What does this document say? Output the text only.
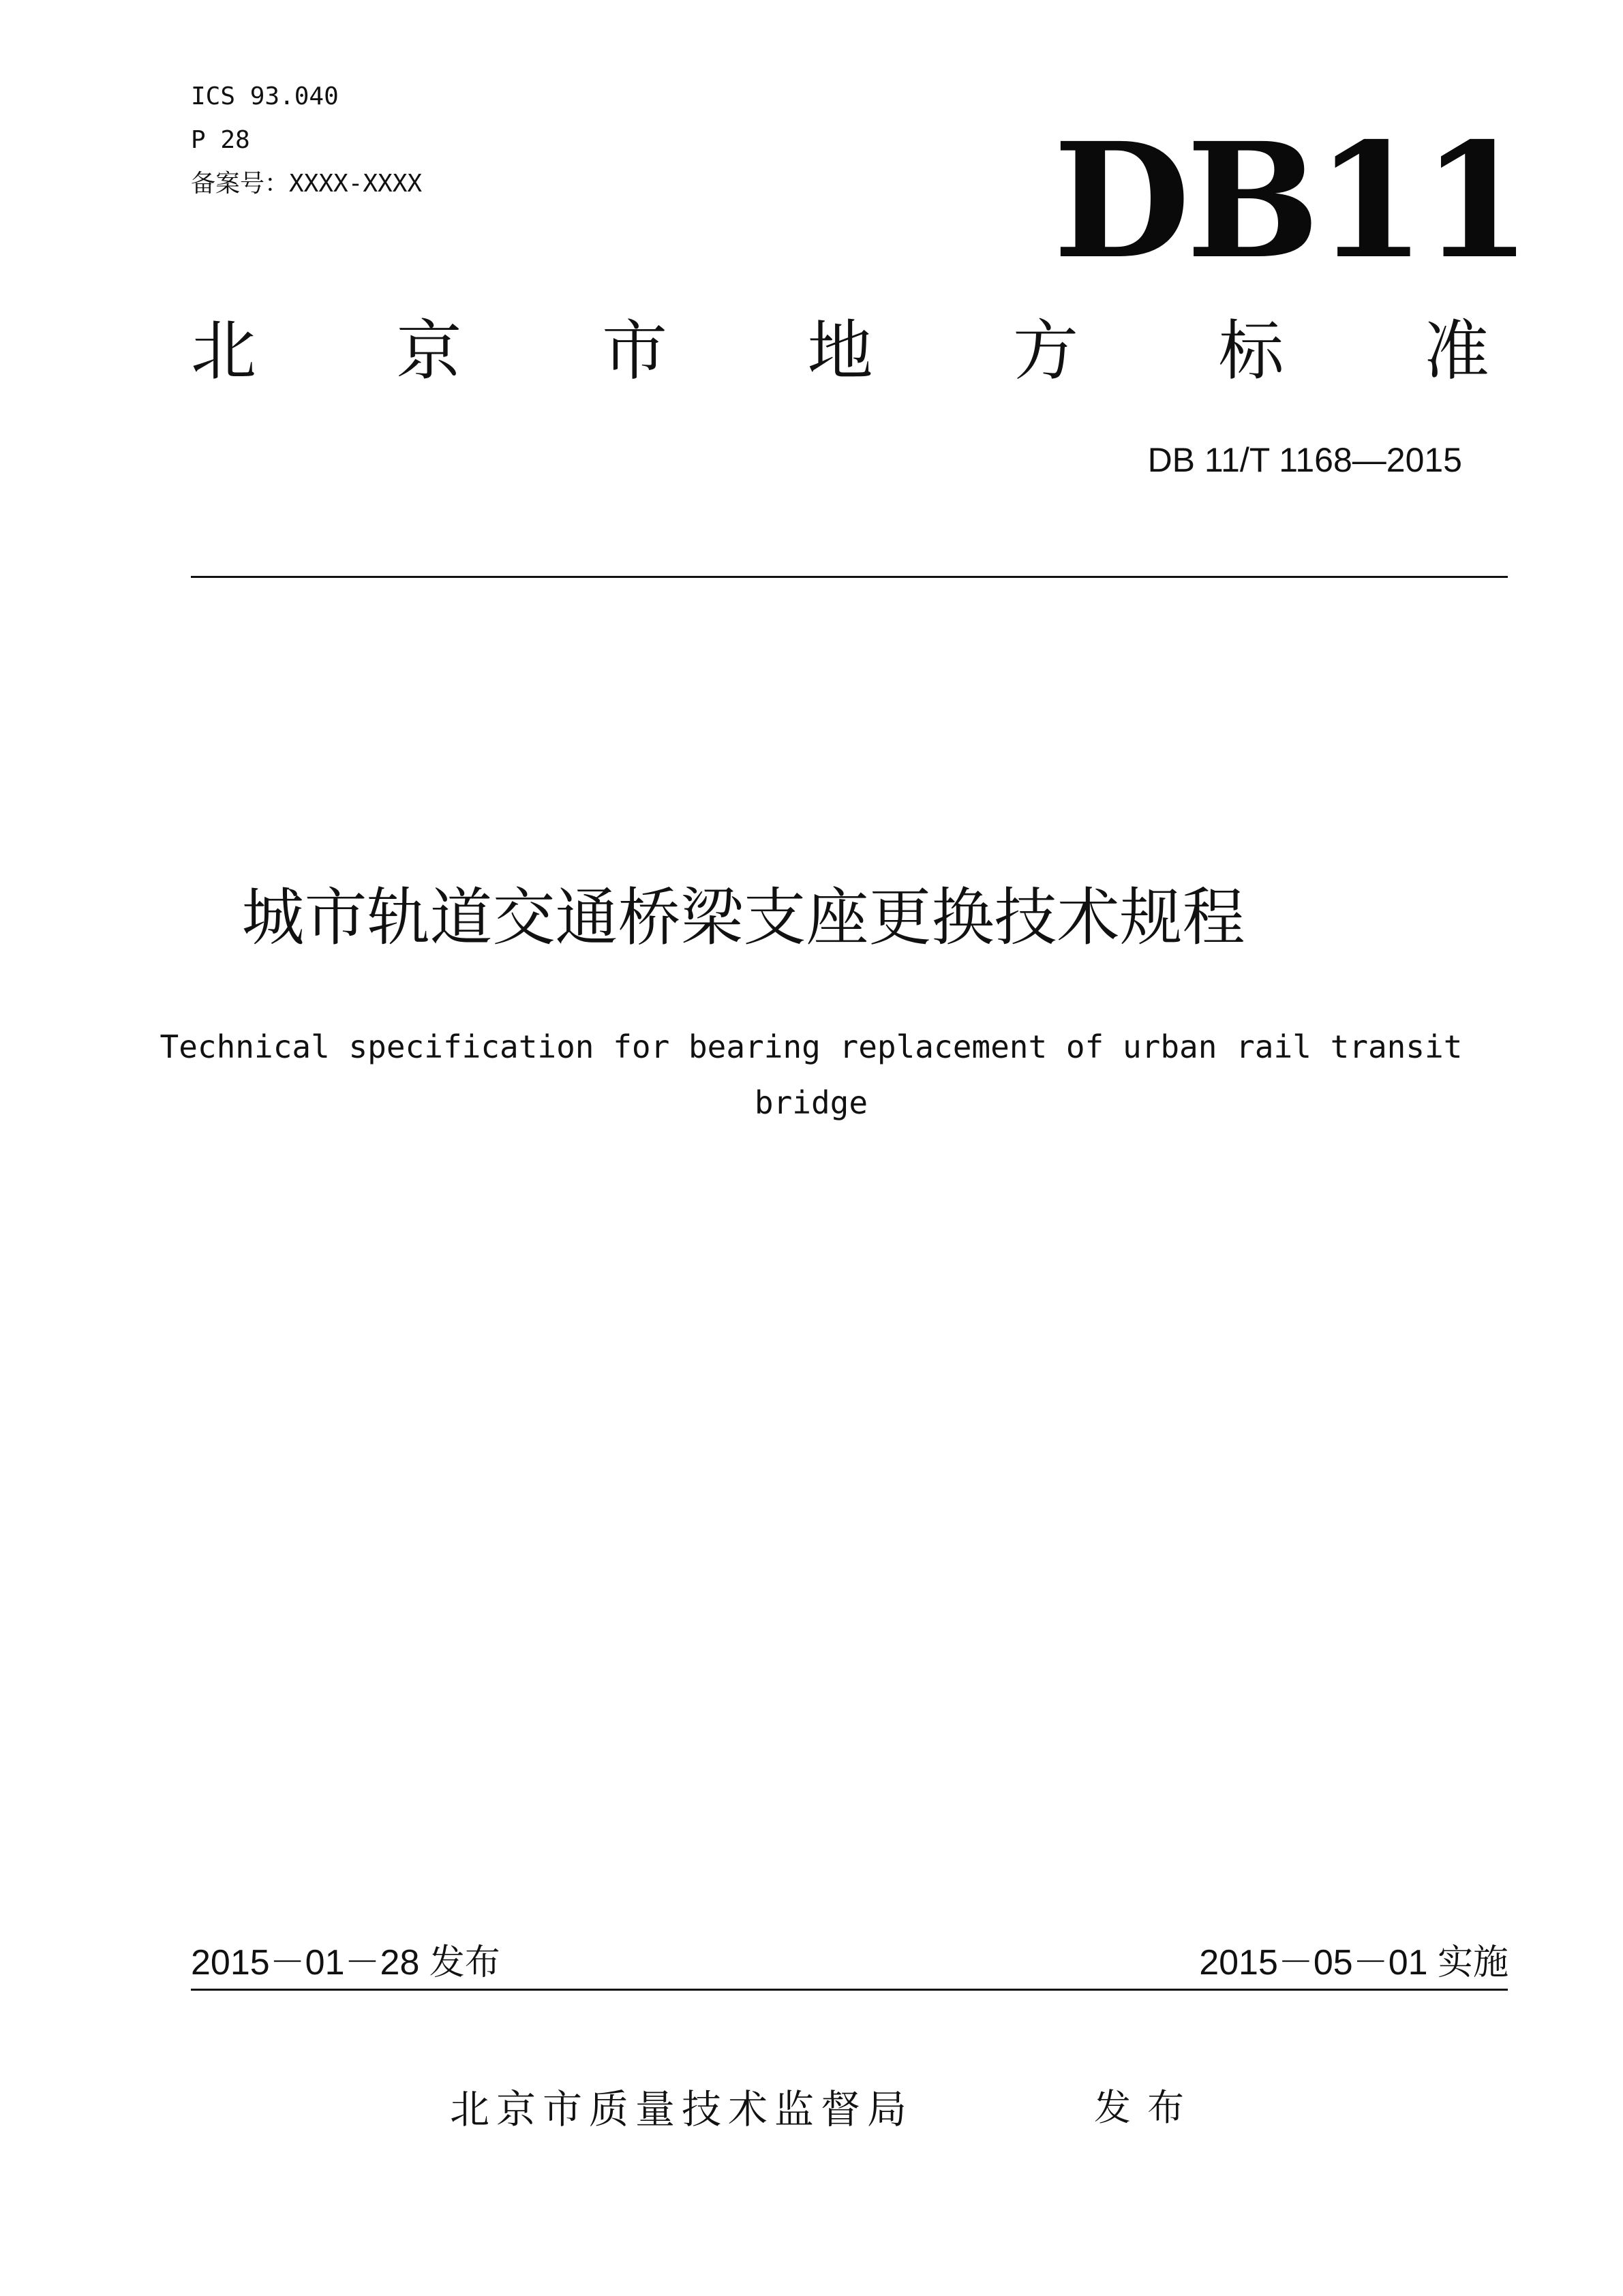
ICS 93.040
P 28
备案号：XXXX-XXXX	DB11
北 京 市 地 方 标 准
DB 11/T 1168—2015
城市轨道交通桥梁支座更换技术规程
Technical specification for bearing replacement of urban rail transit bridge
2015－01－28 发布	2015－05－01 实施
北京市质量技术监督局	发布
